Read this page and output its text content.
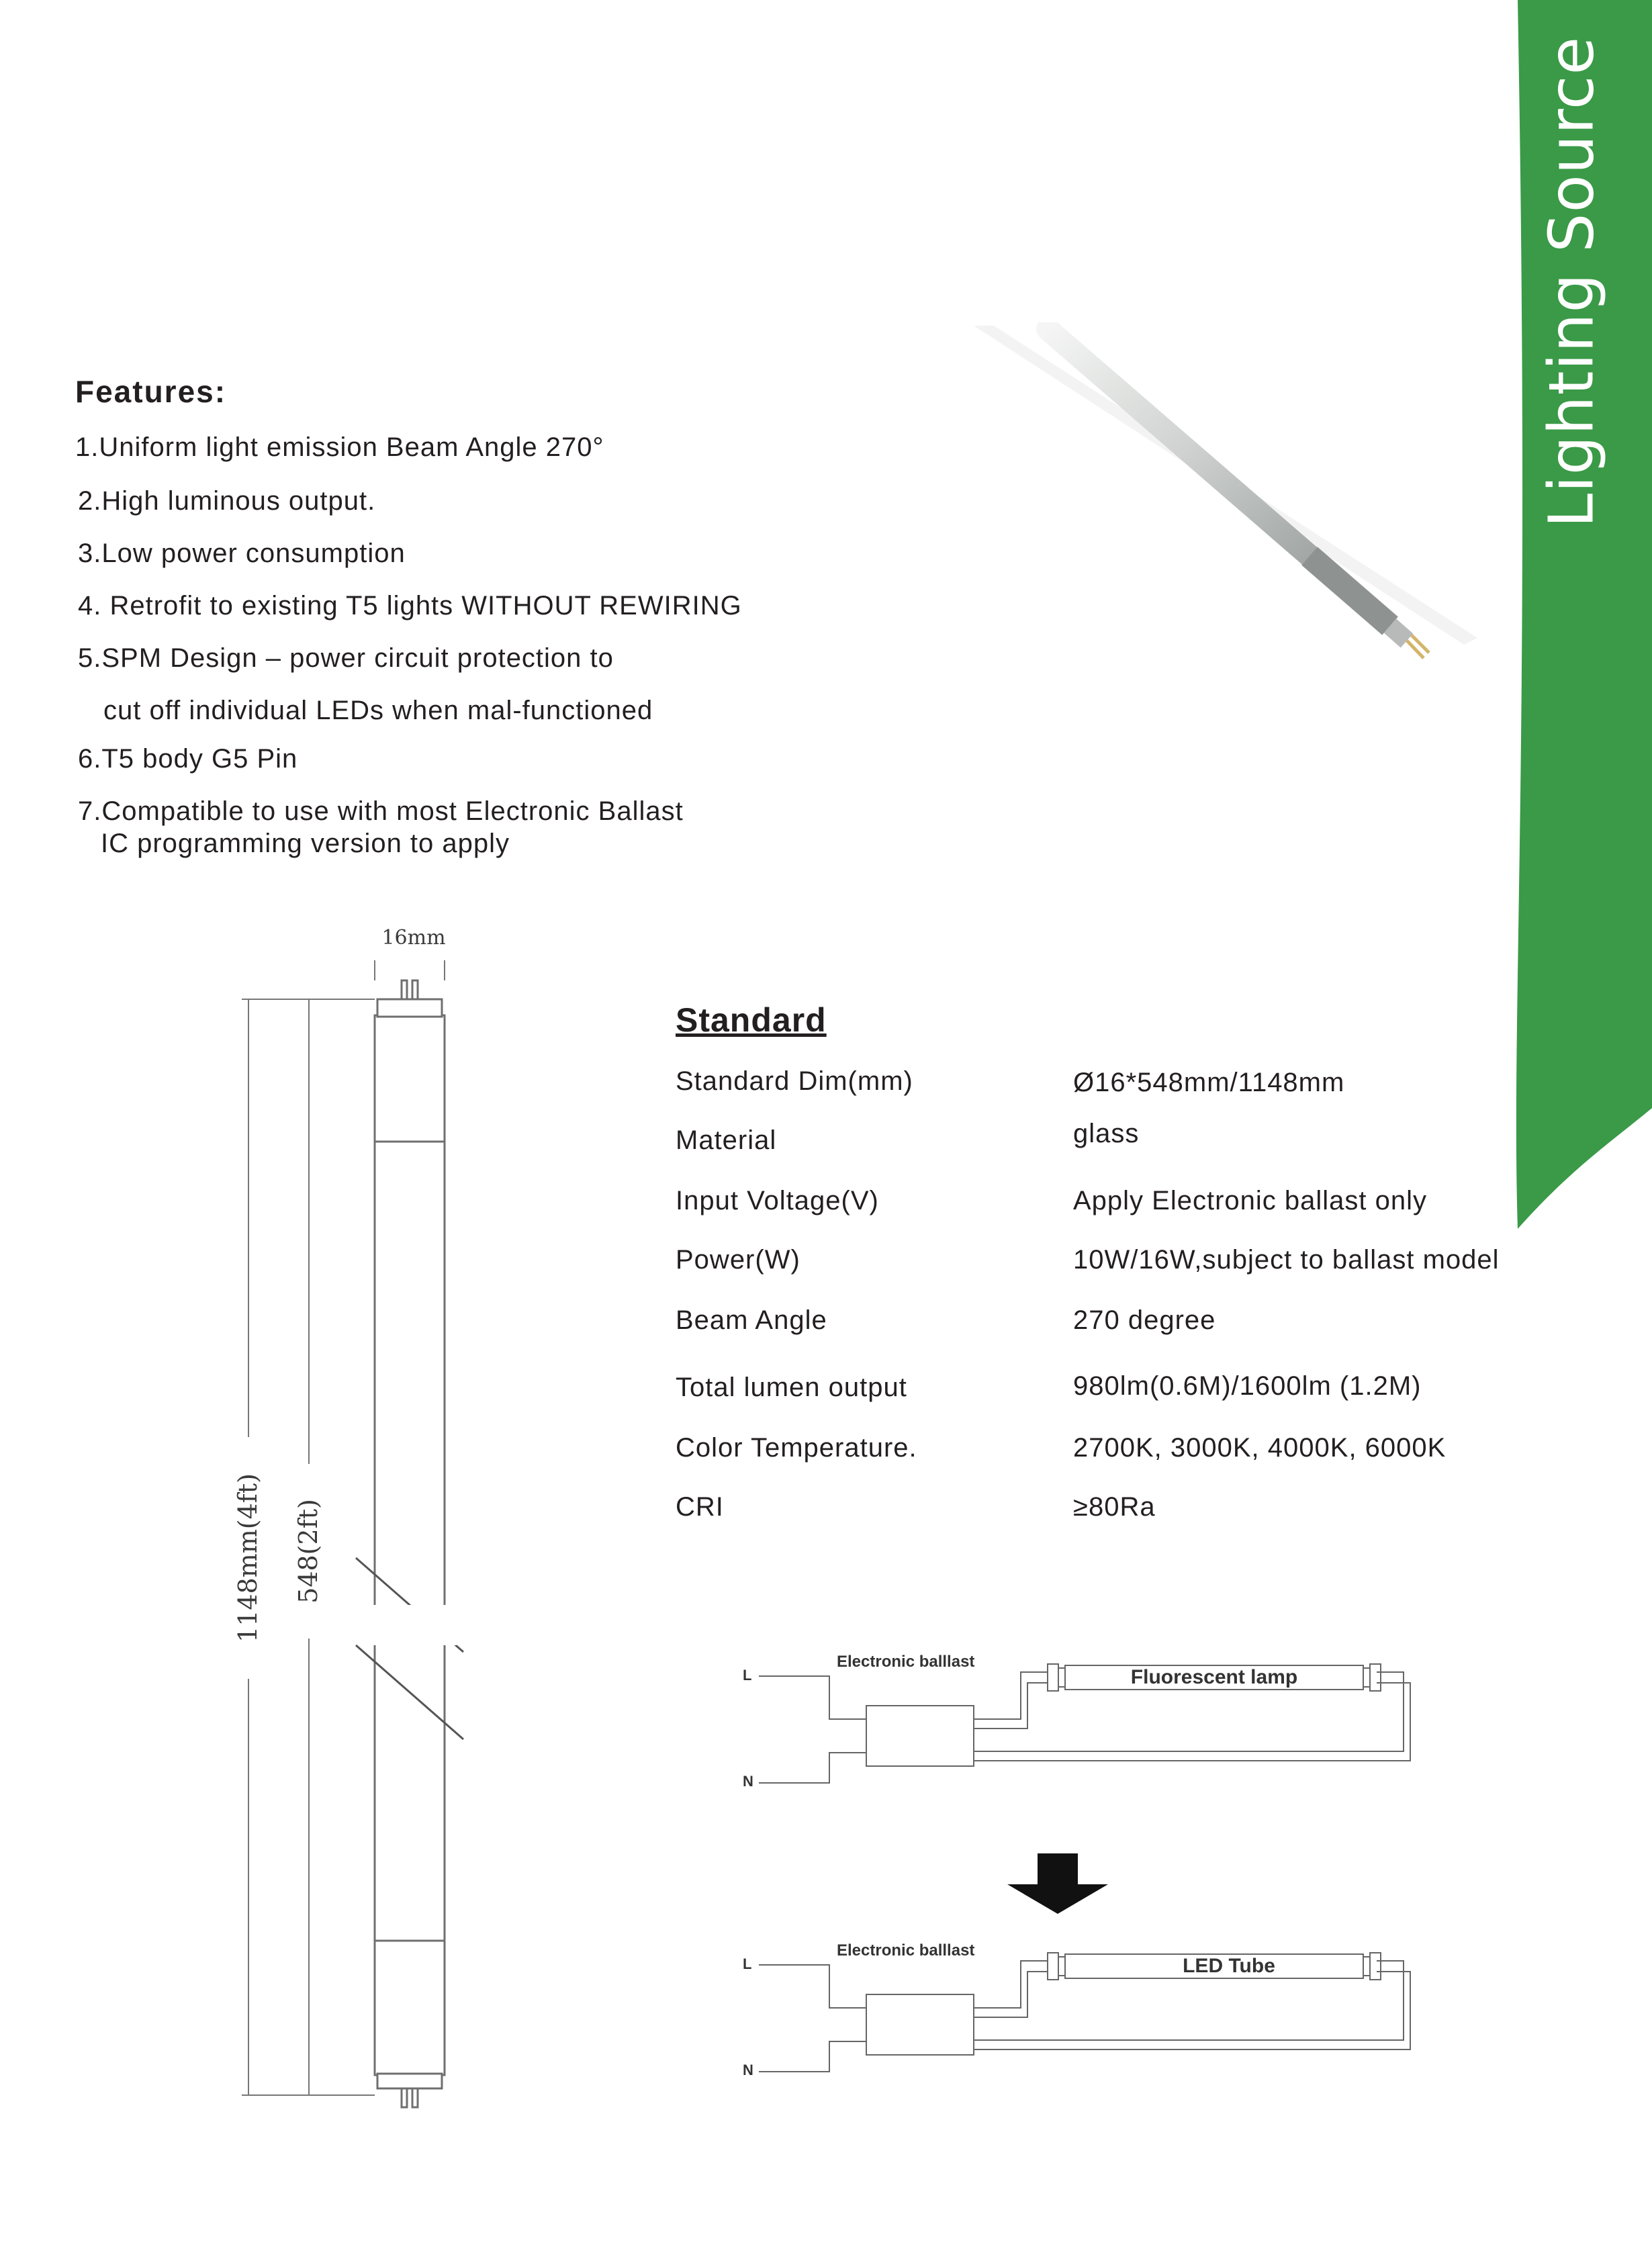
Lighting Source
Features:
1.Uniform light emission Beam Angle 270°
2.High luminous output.
3.Low power consumption
4. Retrofit to existing T5 lights WITHOUT REWIRING
5.SPM Design – power circuit protection to
cut off individual LEDs when mal-functioned
6.T5 body G5 Pin
7.Compatible to use with most Electronic Ballast
IC programming version to apply
16mm
1148mm(4ft) 548(2ft)
Standard
Standard Dim(mm)	Ø16*548mm/1148mm
Material	glass
Input Voltage(V)	Apply Electronic ballast only
Power(W)	10W/16W,subject to ballast model
Beam Angle	270 degree
Total lumen output	980lm(0.6M)/1600lm (1.2M)
Color Temperature.	2700K, 3000K, 4000K, 6000K
CRI	≥80Ra
L
N
Electronic balllast
Fluorescent lamp
L
N
Electronic balllast
LED Tube
